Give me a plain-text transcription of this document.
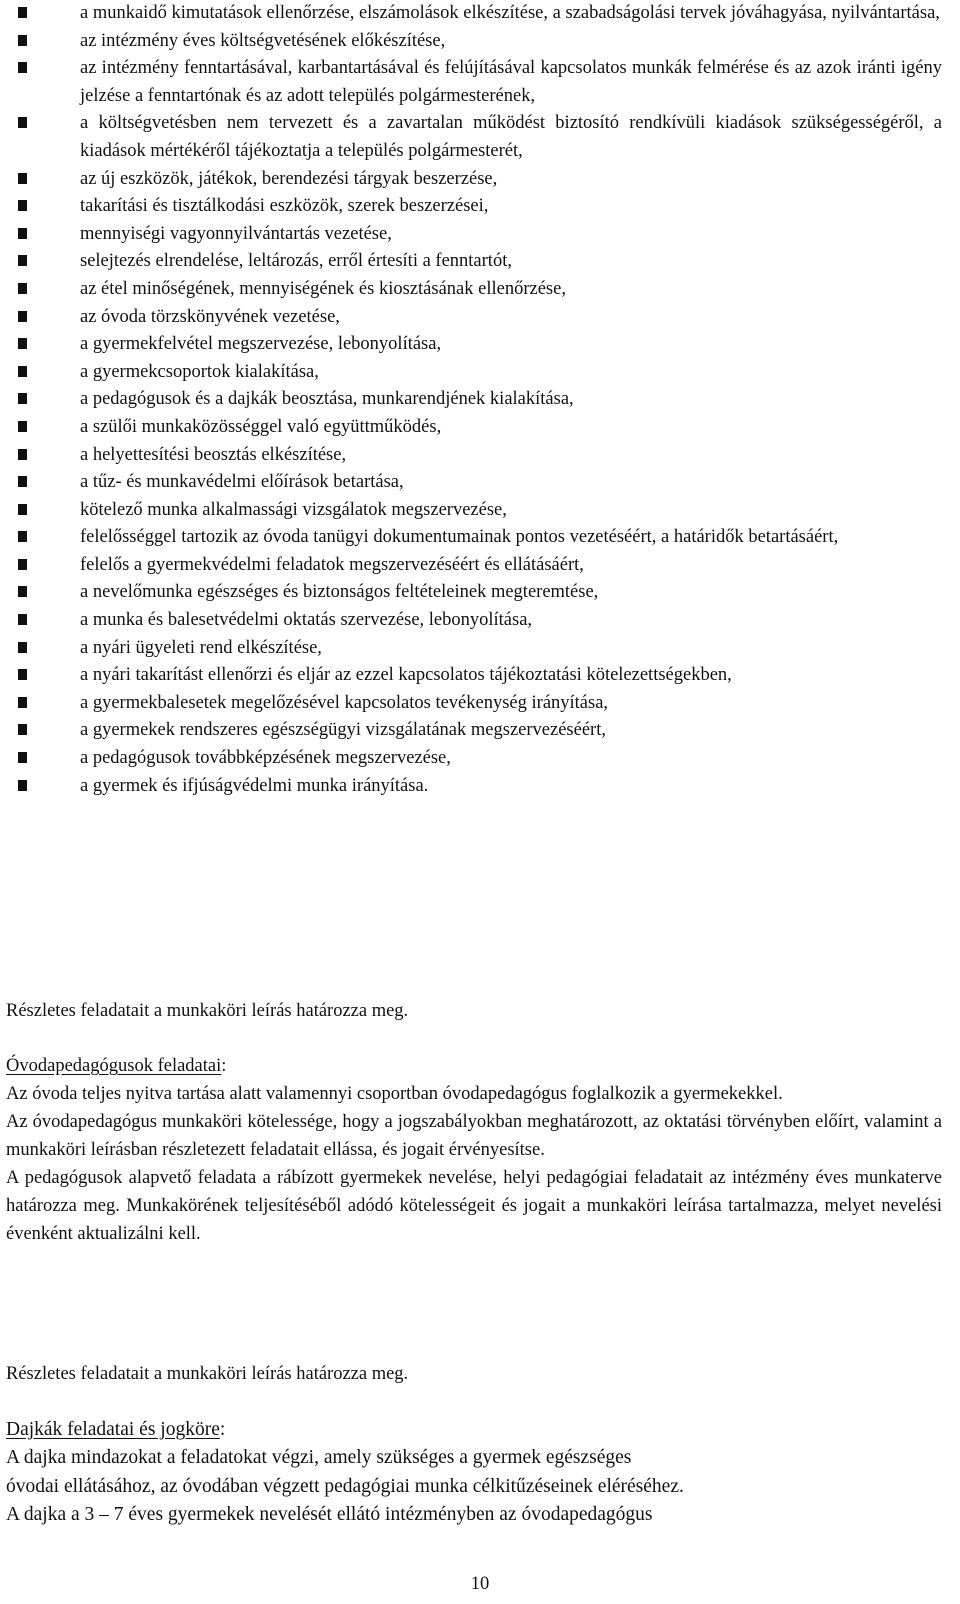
a munkaidő kimutatások ellenőrzése, elszámolások elkészítése, a szabadságolási tervek jóváhagyása, nyilvántartása,
az intézmény éves költségvetésének előkészítése,
az intézmény fenntartásával, karbantartásával és felújításával kapcsolatos munkák felmérése és az azok iránti igény jelzése a fenntartónak és az adott település polgármesterének,
a költségvetésben nem tervezett és a zavartalan működést biztosító rendkívüli kiadások szükségességéről, a kiadások mértékéről tájékoztatja a település polgármesterét,
az új eszközök, játékok, berendezési tárgyak beszerzése,
takarítási és tisztálkodási eszközök, szerek beszerzései,
mennyiségi vagyonnyilvántartás vezetése,
selejtezés elrendelése, leltározás, erről értesíti a fenntartót,
az étel minőségének, mennyiségének és kiosztásának ellenőrzése,
az óvoda törzskönyvének vezetése,
a gyermekfelvétel megszervezése, lebonyolítása,
a gyermekcsoportok kialakítása,
a pedagógusok és a dajkák beosztása, munkarendjének kialakítása,
a szülői munkaközösséggel való együttműködés,
a helyettesítési beosztás elkészítése,
a tűz- és munkavédelmi előírások betartása,
kötelező munka alkalmassági vizsgálatok megszervezése,
felelősséggel tartozik az óvoda tanügyi dokumentumainak pontos vezetéséért, a határidők betartásáért,
felelős a gyermekvédelmi feladatok megszervezéséért és ellátásáért,
a nevelőmunka egészséges és biztonságos feltételeinek megteremtése,
a munka és balesetvédelmi oktatás szervezése, lebonyolítása,
a nyári ügyeleti rend elkészítése,
a nyári takarítást ellenőrzi és eljár az ezzel kapcsolatos tájékoztatási kötelezettségekben,
a gyermekbalesetek megelőzésével kapcsolatos tevékenység irányítása,
a gyermekek rendszeres egészségügyi vizsgálatának megszervezéséért,
a pedagógusok továbbképzésének megszervezése,
a gyermek és ifjúságvédelmi munka irányítása.

Részletes feladatait a munkaköri leírás határozza meg.

Óvodapedagógusok feladatai:

Az óvoda teljes nyitva tartása alatt valamennyi csoportban óvodapedagógus foglalkozik a gyermekekkel.

Az óvodapedagógus munkaköri kötelessége, hogy a jogszabályokban meghatározott, az oktatási törvényben előírt, valamint a munkaköri leírásban részletezett feladatait ellássa, és jogait érvényesítse.

A pedagógusok alapvető feladata a rábízott gyermekek nevelése, helyi pedagógiai feladatait az intézmény éves munkaterve határozza meg. Munkakörének teljesítéséből adódó kötelességeit és jogait a munkaköri leírása tartalmazza, melyet nevelési évenként aktualizálni kell.

Részletes feladatait a munkaköri leírás határozza meg.

Dajkák feladatai és jogköre:

A dajka mindazokat a feladatokat végzi, amely szükséges a gyermek egészséges

óvodai ellátásához, az óvodában végzett pedagógiai munka célkitűzéseinek eléréséhez.

A dajka a 3 – 7 éves gyermekek nevelését ellátó intézményben az óvodapedagógus

10
